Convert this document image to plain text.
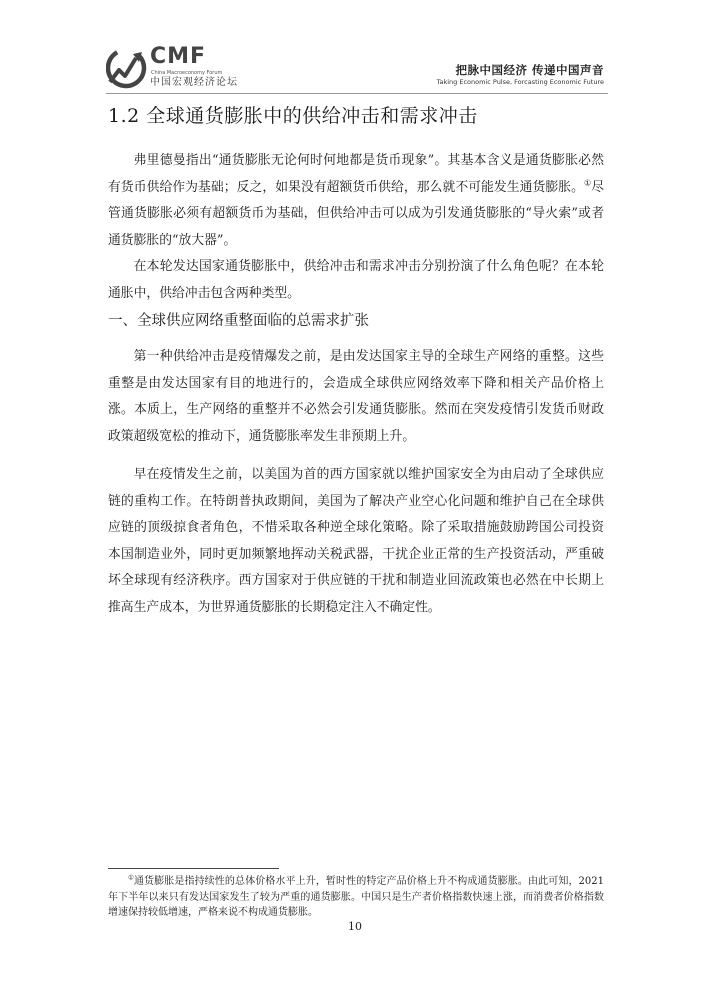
CMF
China Macroeconomy Forum
中国宏观经济论坛
把脉中国经济 传递中国声音
Taking Economic Pulse, Forcasting Economic Future
1.2 全球通货膨胀中的供给冲击和需求冲击

弗里德曼指出“通货膨胀无论何时何地都是货币现象”。其基本含义是通货膨胀必然有货币供给作为基础；反之，如果没有超额货币供给，那么就不可能发生通货膨胀。①尽管通货膨胀必须有超额货币为基础，但供给冲击可以成为引发通货膨胀的“导火索”或者通货膨胀的“放大器”。

在本轮发达国家通货膨胀中，供给冲击和需求冲击分别扮演了什么角色呢？在本轮通胀中，供给冲击包含两种类型。

一、全球供应网络重整面临的总需求扩张

第一种供给冲击是疫情爆发之前，是由发达国家主导的全球生产网络的重整。这些重整是由发达国家有目的地进行的，会造成全球供应网络效率下降和相关产品价格上涨。本质上，生产网络的重整并不必然会引发通货膨胀。然而在突发疫情引发货币财政政策超级宽松的推动下，通货膨胀率发生非预期上升。

早在疫情发生之前，以美国为首的西方国家就以维护国家安全为由启动了全球供应链的重构工作。在特朗普执政期间，美国为了解决产业空心化问题和维护自己在全球供应链的顶级掠食者角色，不惜采取各种逆全球化策略。除了采取措施鼓励跨国公司投资本国制造业外，同时更加频繁地挥动关税武器，干扰企业正常的生产投资活动，严重破坏全球现有经济秩序。西方国家对于供应链的干扰和制造业回流政策也必然在中长期上推高生产成本，为世界通货膨胀的长期稳定注入不确定性。

①通货膨胀是指持续性的总体价格水平上升，暂时性的特定产品价格上升不构成通货膨胀。由此可知，2021 年下半年以来只有发达国家发生了较为严重的通货膨胀。中国只是生产者价格指数快速上涨，而消费者价格指数增速保持较低增速，严格来说不构成通货膨胀。
10
